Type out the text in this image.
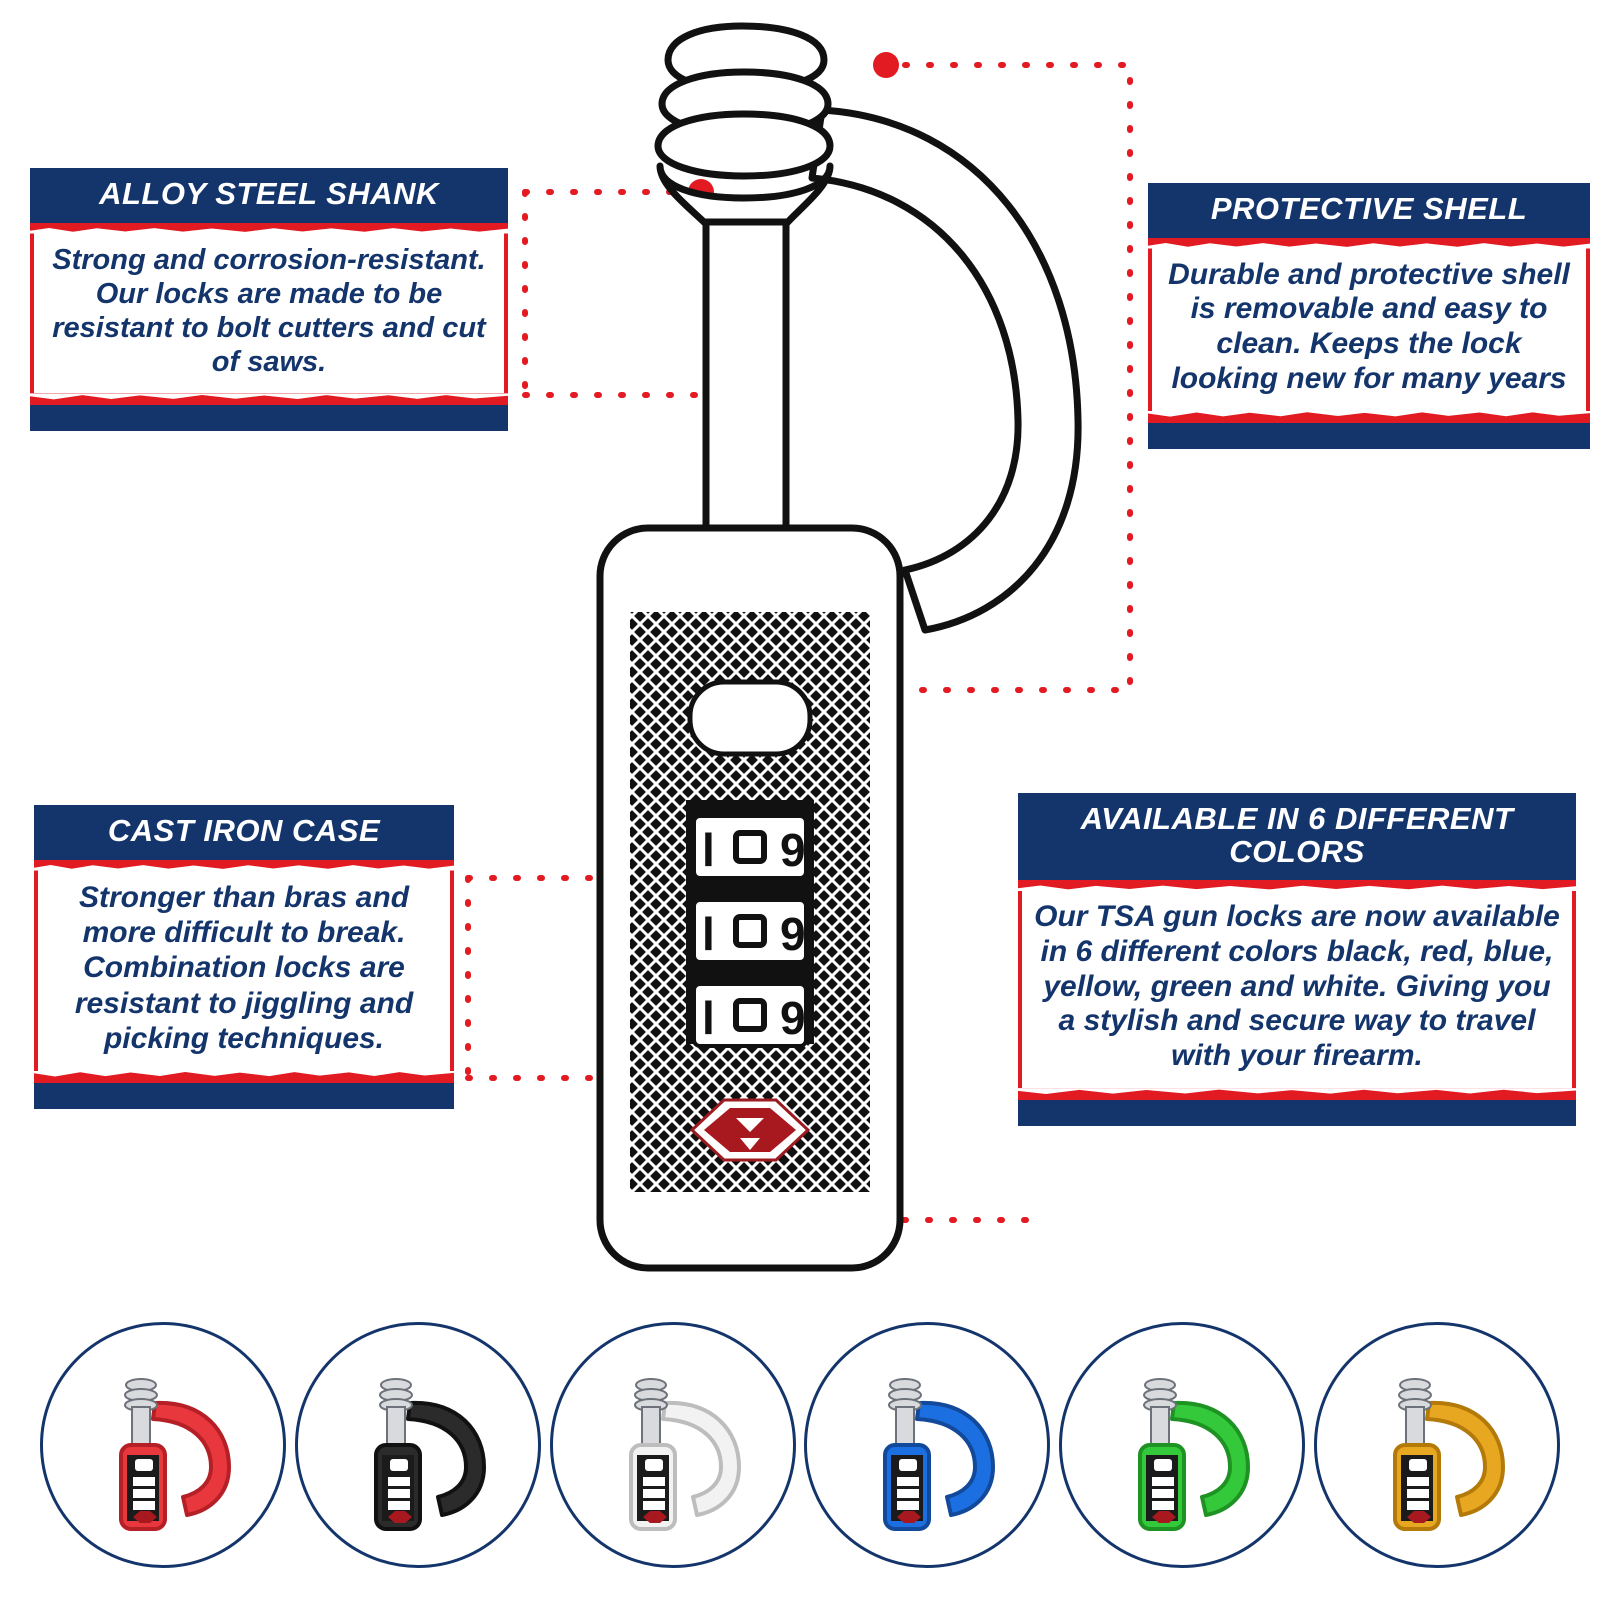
l 9
l 9
l 9
ALLOY STEEL SHANK
Strong and corrosion-resistant. Our locks are made to be resistant to bolt cutters and cut of saws.
PROTECTIVE SHELL
Durable and protective shell is removable and easy to clean. Keeps the lock looking new for many years
CAST IRON CASE
Stronger than bras and more difficult to break. Combination locks are resistant to jiggling and picking techniques.
AVAILABLE IN 6 DIFFERENT COLORS
Our TSA gun locks are now available in 6 different colors black, red, blue, yellow, green and white. Giving you a stylish and secure way to travel with your firearm.
